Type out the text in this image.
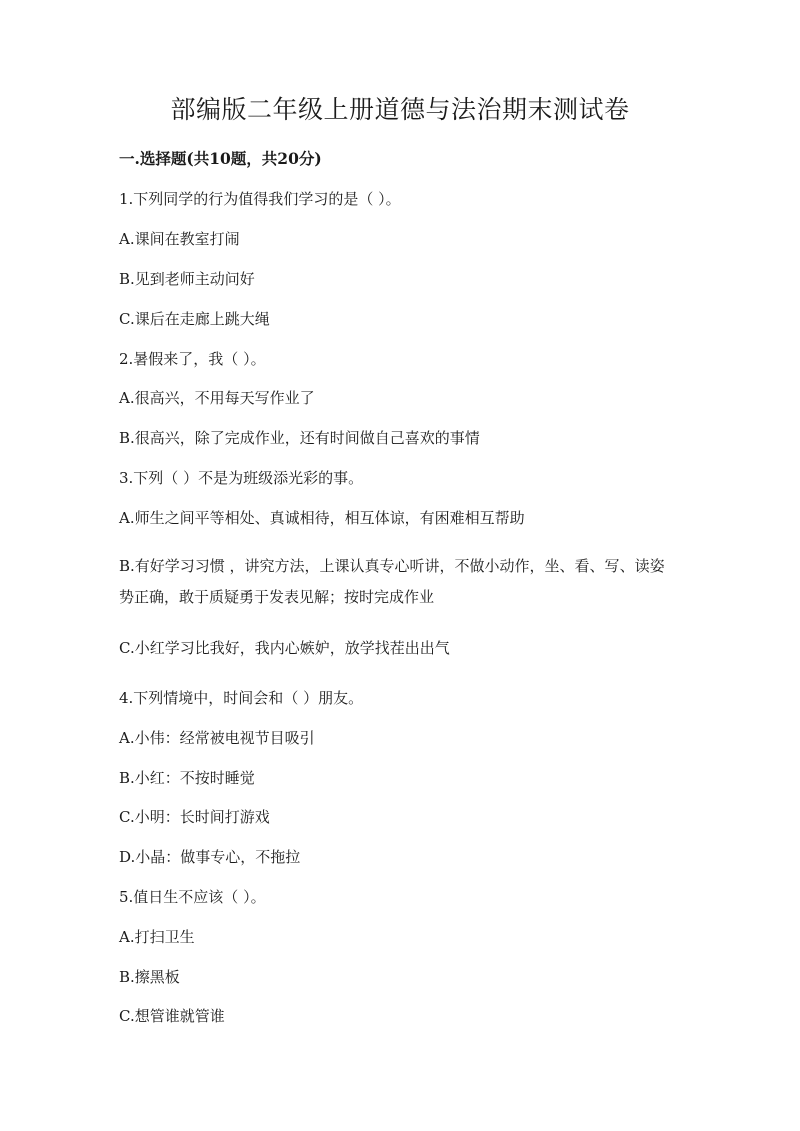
部编版二年级上册道德与法治期末测试卷
一.选择题(共10题，共20分)

1.下列同学的行为值得我们学习的是（ ）。

A.课间在教室打闹

B.见到老师主动问好

C.课后在走廊上跳大绳

2.暑假来了，我（ ）。

A.很高兴，不用每天写作业了

B.很高兴，除了完成作业，还有时间做自己喜欢的事情

3.下列（ ）不是为班级添光彩的事。

A.师生之间平等相处、真诚相待，相互体谅，有困难相互帮助

B.有好学习习惯 ，讲究方法，上课认真专心听讲，不做小动作，坐、看、写、读姿势正确，敢于质疑勇于发表见解；按时完成作业

C.小红学习比我好，我内心嫉妒，放学找茬出出气

4.下列情境中，时间会和（ ）朋友。

A.小伟：经常被电视节目吸引

B.小红：不按时睡觉

C.小明：长时间打游戏

D.小晶：做事专心，不拖拉

5.值日生不应该（ ）。

A.打扫卫生

B.擦黑板

C.想管谁就管谁
